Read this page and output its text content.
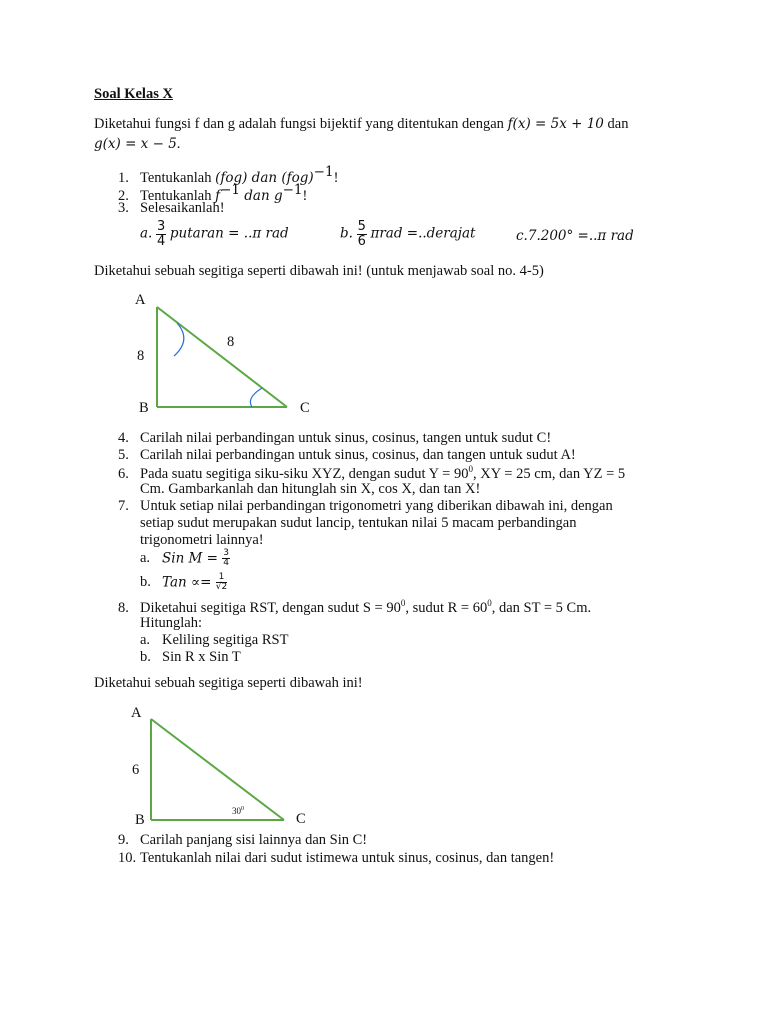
Soal Kelas X
Diketahui fungsi f dan g adalah fungsi bijektif yang ditentukan dengan f(x) = 5x + 10 dan
g(x) = x − 5.
1. Tentukanlah (fog) dan (fog)$^{-1}$!
2. Tentukanlah $f^{-1}$ dan $g^{-1}$!
3. Selesaikanlah!
a. $\frac{3}{4}$ putaran = ..π rad	b. $\frac{5}{6}$ πrad =..derajat	c.7.200° =..π rad
Diketahui sebuah segitiga seperti dibawah ini! (untuk menjawab soal no. 4-5)
A
8
8
B	C
4. Carilah nilai perbandingan untuk sinus, cosinus, tangen untuk sudut C!
5. Carilah nilai perbandingan untuk sinus, cosinus, dan tangen untuk sudut A!
6. Pada suatu segitiga siku-siku XYZ, dengan sudut $Y = 90^0$, XY = 25 cm, dan YZ = 5
Cm. Gambarkanlah dan hitunglah sin X, cos X, dan tan X!
7. Untuk setiap nilai perbandingan trigonometri yang diberikan dibawah ini, dengan
setiap sudut merupakan sudut lancip, tentukan nilai 5 macam perbandingan
trigonometri lainnya!
a. Sin $M = \frac{3}{4}$
b. Tan ∝= $\frac{1}{√2}$
8. Diketahui segitiga RST, dengan sudut $S = 90^0$, sudut $R = 60^0$, dan ST = 5 Cm.
Hitunglah:
a. Keliling segitiga RST
b. Sin R x Sin T
Diketahui sebuah segitiga seperti dibawah ini!
A
6
B	C
$30^0$
9. Carilah panjang sisi lainnya dan Sin C!
10. Tentukanlah nilai dari sudut istimewa untuk sinus, cosinus, dan tangen!
